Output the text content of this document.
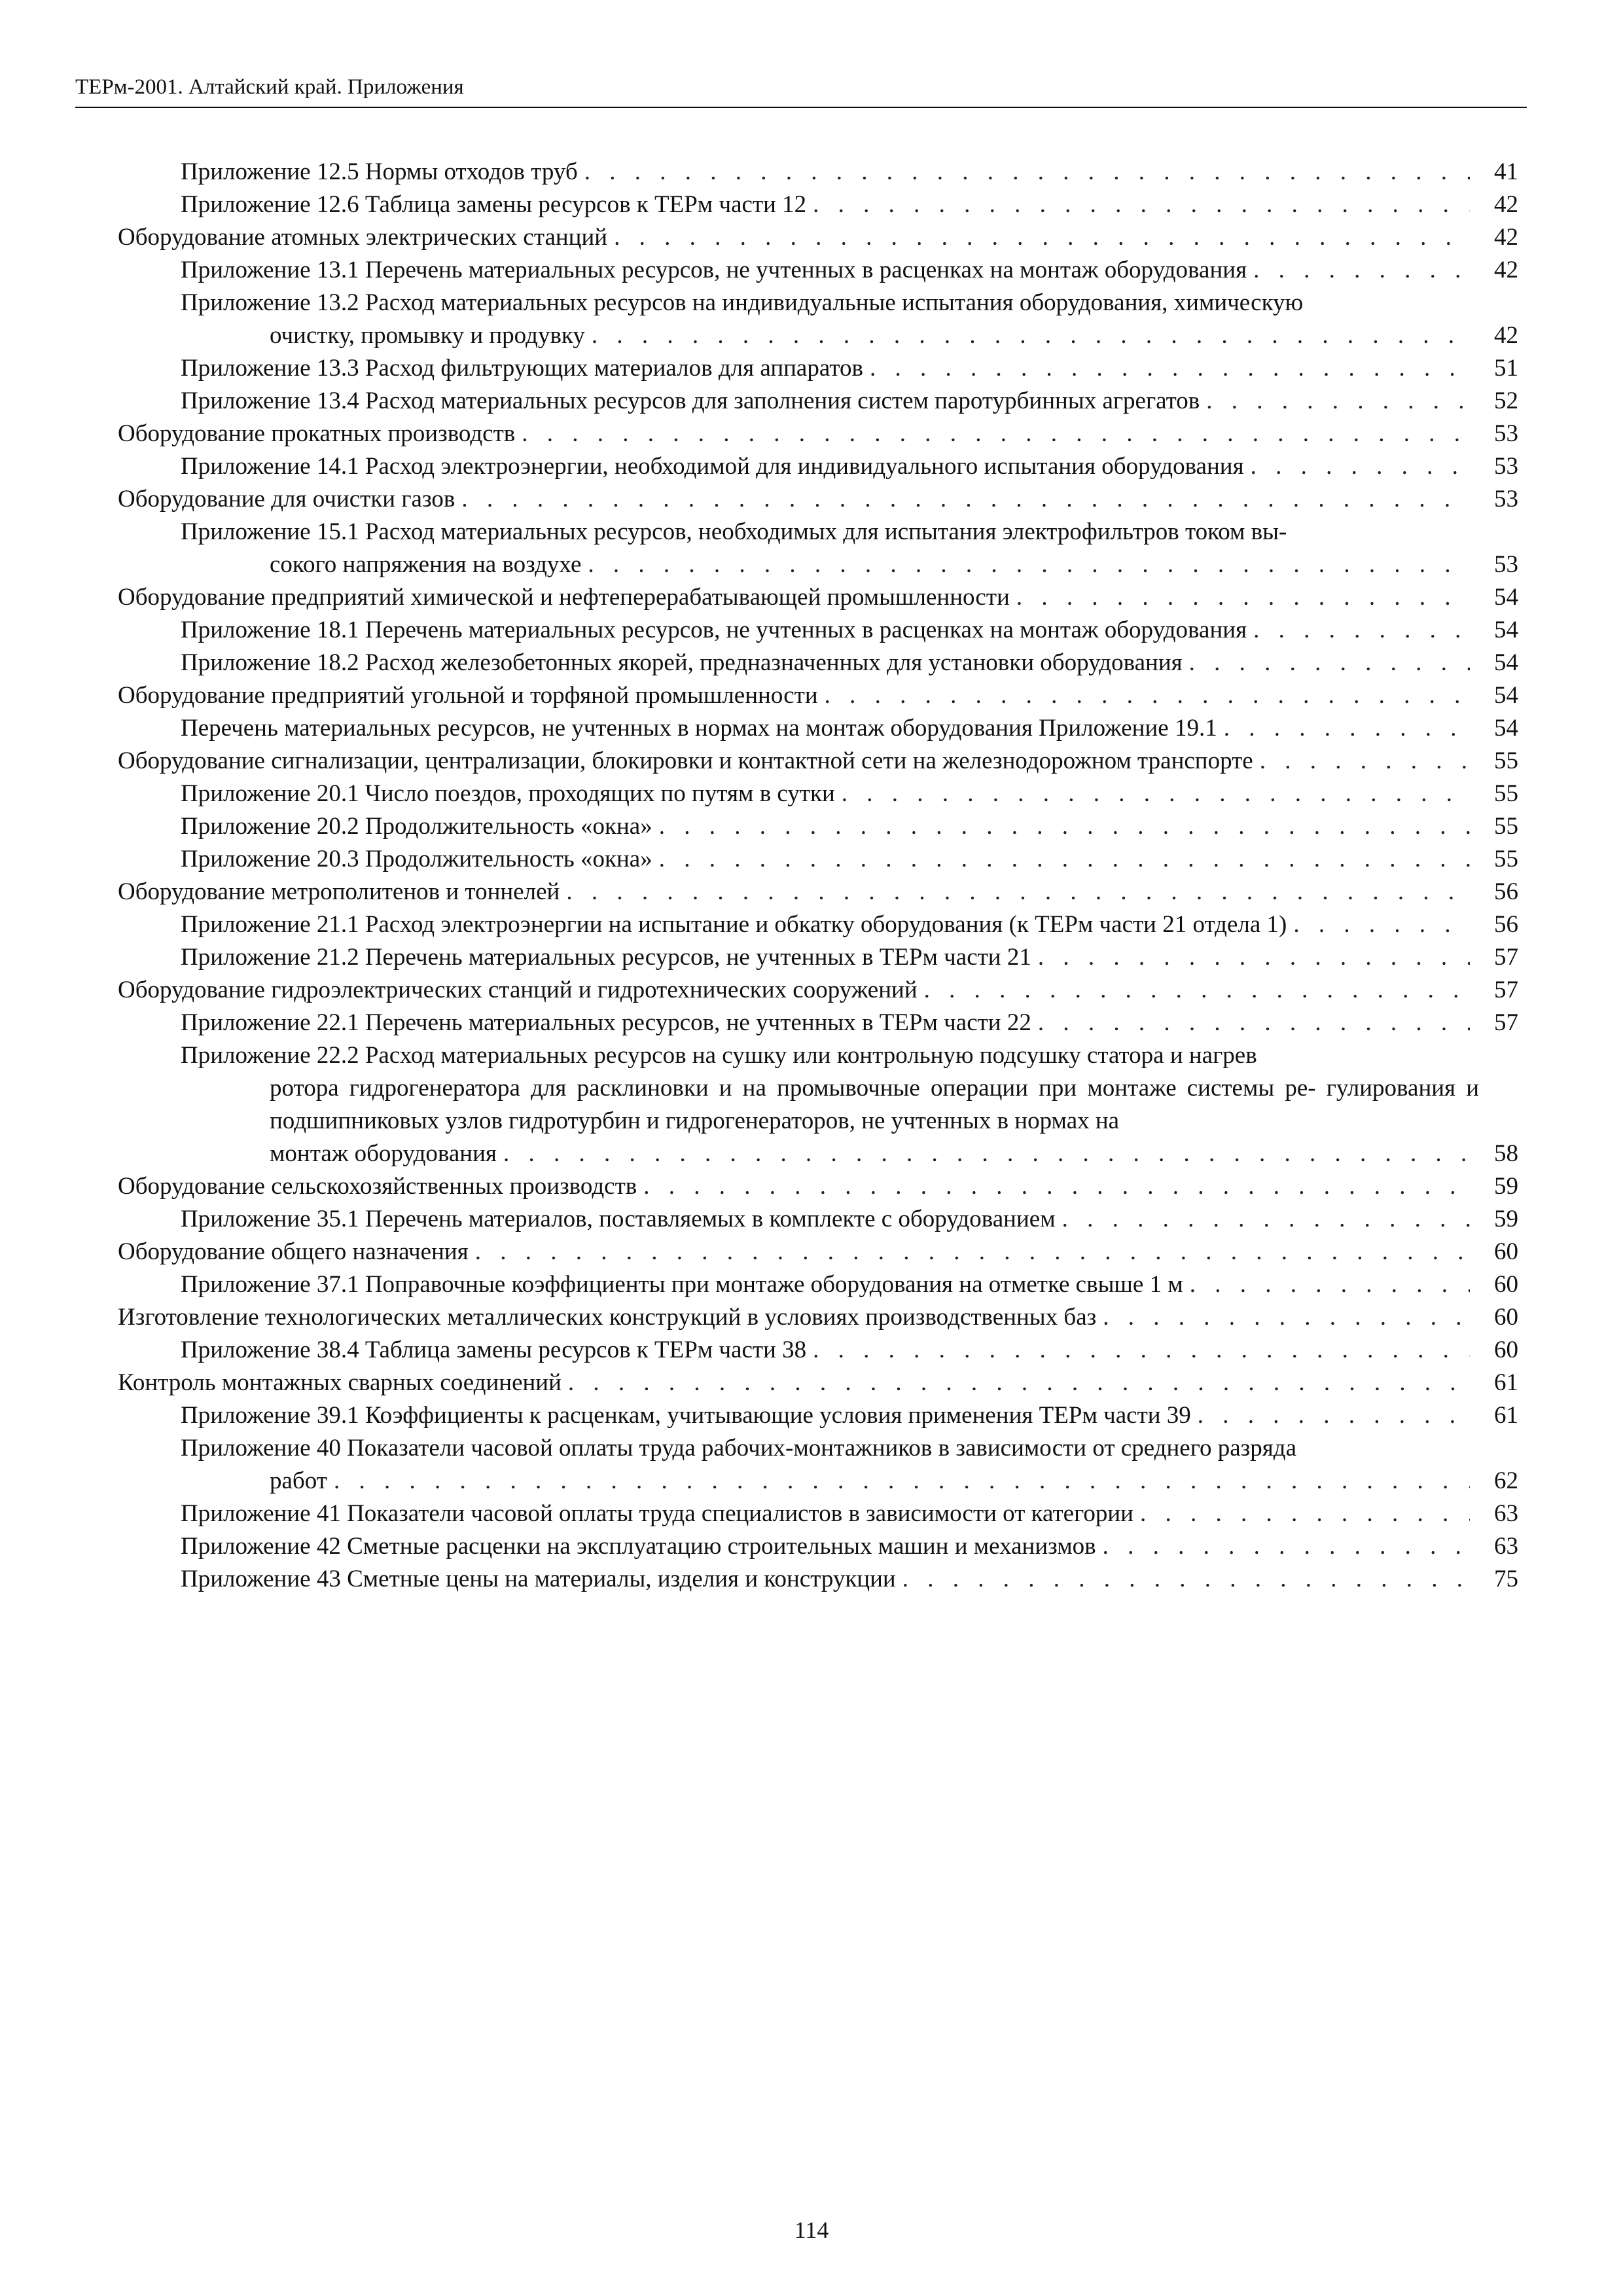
ТЕРм-2001. Алтайский край. Приложения
Приложение 12.5 Нормы отходов труб . . .	41
Приложение 12.6 Таблица замены ресурсов к ТЕРм части 12 . . .	42
Оборудование атомных электрических станций . . .	42
Приложение 13.1 Перечень материальных ресурсов, не учтенных в расценках на монтаж оборудования . . .	42
Приложение 13.2 Расход материальных ресурсов на индивидуальные испытания оборудования, химическую
очистку, промывку и продувку . . .	42
Приложение 13.3 Расход фильтрующих материалов для аппаратов . . .	51
Приложение 13.4 Расход материальных ресурсов для заполнения систем паротурбинных агрегатов . . .	52
Оборудование прокатных производств . . .	53
Приложение 14.1 Расход электроэнергии, необходимой для индивидуального испытания оборудования . . .	53
Оборудование для очистки газов . . .	53
Приложение 15.1 Расход материальных ресурсов, необходимых для испытания электрофильтров током вы-
сокого напряжения на воздухе . . .	53
Оборудование предприятий химической и нефтеперерабатывающей промышленности . . .	54
Приложение 18.1 Перечень материальных ресурсов, не учтенных в расценках на монтаж оборудования . . .	54
Приложение 18.2 Расход железобетонных якорей, предназначенных для установки оборудования . . .	54
Оборудование предприятий угольной и торфяной промышленности . . .	54
Перечень материальных ресурсов, не учтенных в нормах на монтаж оборудования Приложение 19.1 . . .	54
Оборудование сигнализации, централизации, блокировки и контактной сети на железнодорожном транспорте . . .	55
Приложение 20.1 Число поездов, проходящих по путям в сутки . . .	55
Приложение 20.2 Продолжительность «окна» . . .	55
Приложение 20.3 Продолжительность «окна» . . .	55
Оборудование метрополитенов и тоннелей . . .	56
Приложение 21.1 Расход электроэнергии на испытание и обкатку оборудования (к ТЕРм части 21 отдела 1) . . .	56
Приложение 21.2 Перечень материальных ресурсов, не учтенных в ТЕРм части 21 . . .	57
Оборудование гидроэлектрических станций и гидротехнических сооружений . . .	57
Приложение 22.1 Перечень материальных ресурсов, не учтенных в ТЕРм части 22 . . .	57
Приложение 22.2 Расход материальных ресурсов на сушку или контрольную подсушку статора и нагрев
ротора гидрогенератора для расклиновки и на промывочные операции при монтаже системы ре- гулирования и подшипниковых узлов гидротурбин и гидрогенераторов, не учтенных в нормах на
монтаж оборудования . . .	58
Оборудование сельскохозяйственных производств . . .	59
Приложение 35.1 Перечень материалов, поставляемых в комплекте с оборудованием . . .	59
Оборудование общего назначения . . .	60
Приложение 37.1 Поправочные коэффициенты при монтаже оборудования на отметке свыше 1 м . . .	60
Изготовление технологических металлических конструкций в условиях производственных баз . . .	60
Приложение 38.4 Таблица замены ресурсов к ТЕРм части 38 . . .	60
Контроль монтажных сварных соединений . . .	61
Приложение 39.1 Коэффициенты к расценкам, учитывающие условия применения ТЕРм части 39 . . .	61
Приложение 40 Показатели часовой оплаты труда рабочих-монтажников в зависимости от среднего разряда
работ . . .	62
Приложение 41 Показатели часовой оплаты труда специалистов в зависимости от категории . . .	63
Приложение 42 Сметные расценки на эксплуатацию строительных машин и механизмов . . .	63
Приложение 43 Сметные цены на материалы, изделия и конструкции . . .	75
114
